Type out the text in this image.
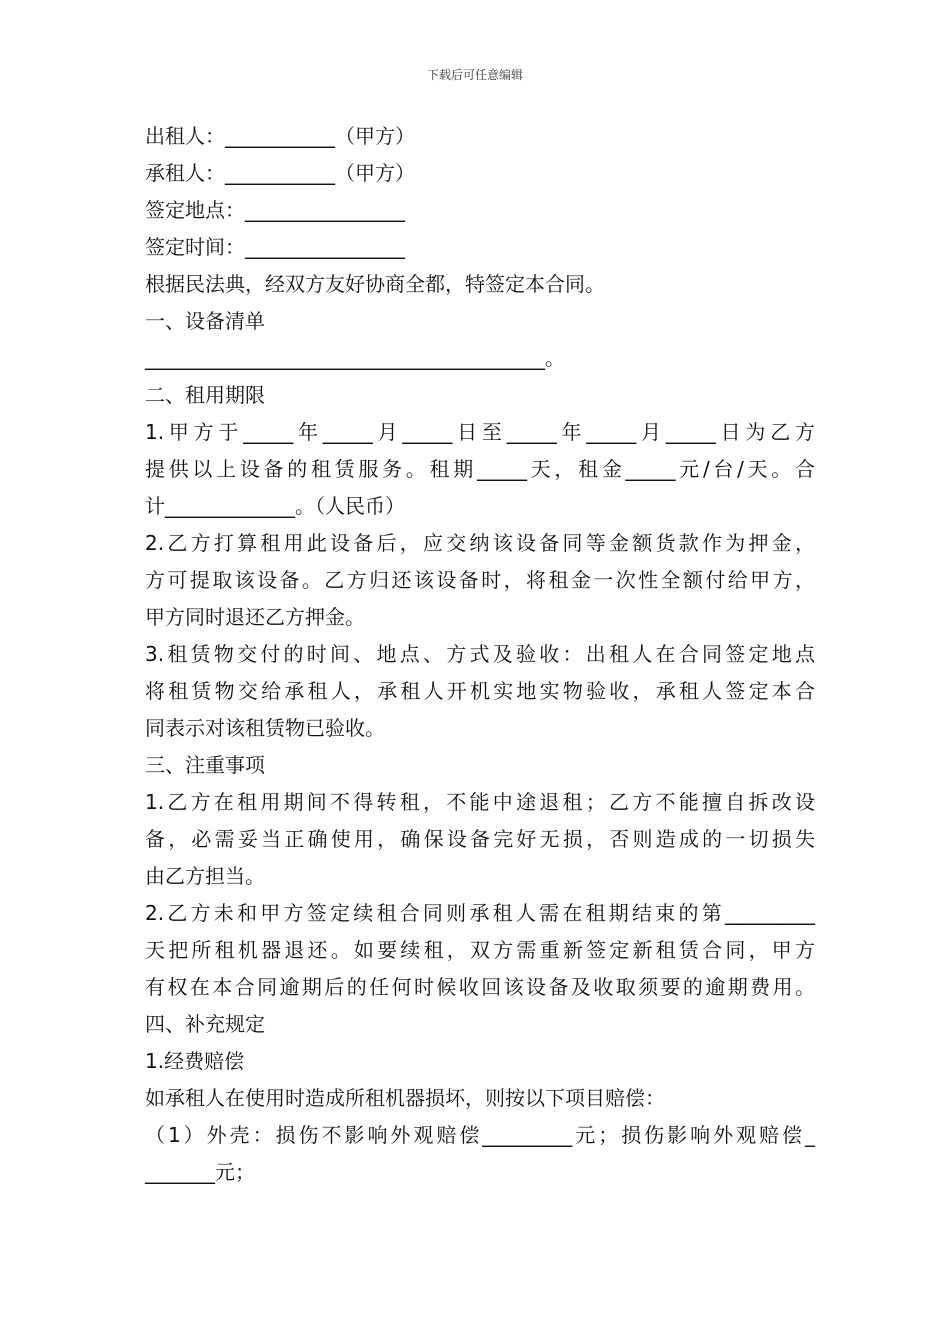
下载后可任意编辑
出租人：___________（甲方）
承租人：___________（甲方）
签定地点：________________
签定时间：________________
根据民法典，经双方友好协商全都，特签定本合同。
一、设备清单
________________________________________。
二、租用期限
1.甲方于_____年_____月_____日至_____年_____月_____日为乙方
提供以上设备的租赁服务。租期_____天，租金_____元/台/天。合
计_____________。（人民币）
2.乙方打算租用此设备后，应交纳该设备同等金额货款作为押金，
方可提取该设备。乙方归还该设备时，将租金一次性全额付给甲方，
甲方同时退还乙方押金。
3.租赁物交付的时间、地点、方式及验收：出租人在合同签定地点
将租赁物交给承租人，承租人开机实地实物验收，承租人签定本合
同表示对该租赁物已验收。
三、注重事项
1.乙方在租用期间不得转租，不能中途退租；乙方不能擅自拆改设
备，必需妥当正确使用，确保设备完好无损，否则造成的一切损失
由乙方担当。
2.乙方未和甲方签定续租合同则承租人需在租期结束的第_________
天把所租机器退还。如要续租，双方需重新签定新租赁合同，甲方
有权在本合同逾期后的任何时候收回该设备及收取须要的逾期费用。
四、补充规定
1.经费赔偿
如承租人在使用时造成所租机器损坏，则按以下项目赔偿：
（1）外壳：损伤不影响外观赔偿_________元；损伤影响外观赔偿_
_______元；
